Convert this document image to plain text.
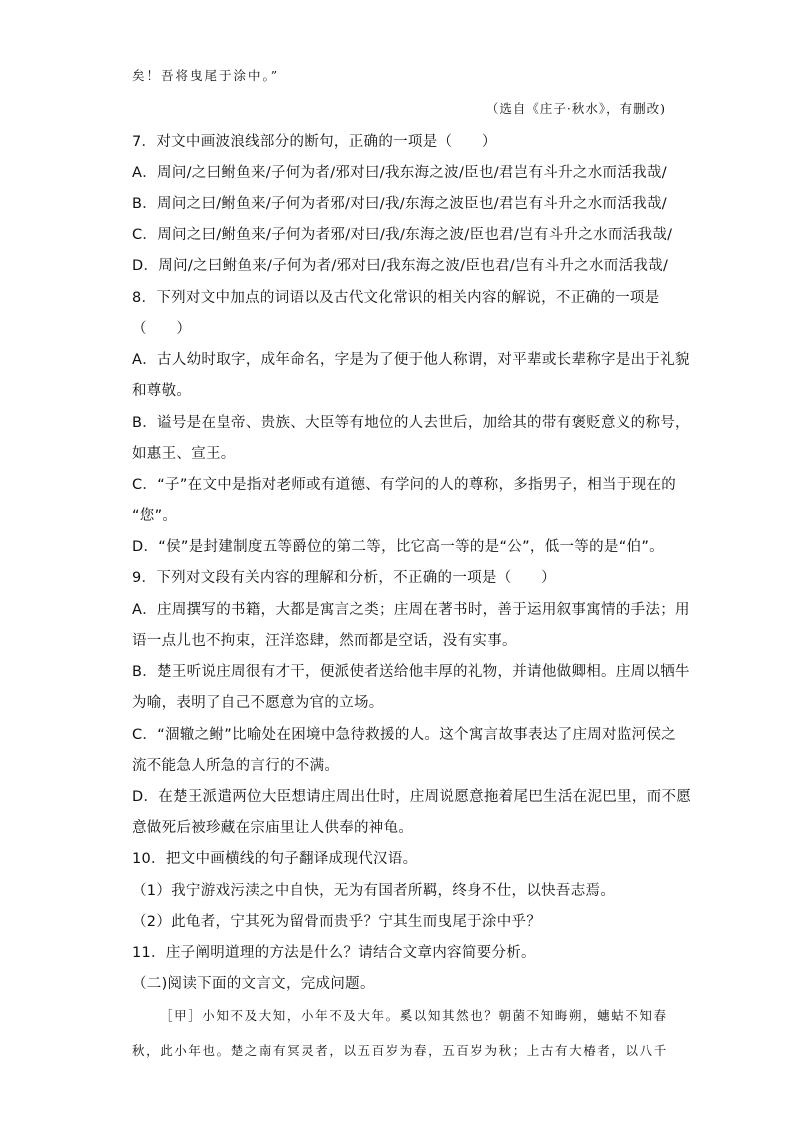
矣！吾将曳尾于涂中。”
（选自《庄子·秋水》，有删改)
7．对文中画波浪线部分的断句，正确的一项是（　　）
A．周问/之曰鲋鱼来/子何为者/邪对曰/我东海之波/臣也/君岂有斗升之水而活我哉/
B．周问之曰/鲋鱼来/子何为者邪/对曰/我/东海之波臣也/君岂有斗升之水而活我哉/
C．周问之曰/鲋鱼来/子何为者邪/对曰/我/东海之波/臣也君/岂有斗升之水而活我哉/
D．周问/之曰鲋鱼来/子何为者/邪对曰/我东海之波/臣也君/岂有斗升之水而活我哉/
8．下列对文中加点的词语以及古代文化常识的相关内容的解说，不正确的一项是
（　　）
A．古人幼时取字，成年命名，字是为了便于他人称谓，对平辈或长辈称字是出于礼貌
和尊敬。
B．谥号是在皇帝、贵族、大臣等有地位的人去世后，加给其的带有褒贬意义的称号，
如惠王、宣王。
C．“子”在文中是指对老师或有道德、有学问的人的尊称，多指男子，相当于现在的
“您”。
D．“侯”是封建制度五等爵位的第二等，比它高一等的是“公”，低一等的是“伯”。
9．下列对文段有关内容的理解和分析，不正确的一项是（　　）
A．庄周撰写的书籍，大都是寓言之类；庄周在著书时，善于运用叙事寓情的手法；用
语一点儿也不拘束，汪洋恣肆，然而都是空话，没有实事。
B．楚王听说庄周很有才干，便派使者送给他丰厚的礼物，并请他做卿相。庄周以牺牛
为喻，表明了自己不愿意为官的立场。
C．“涸辙之鲋”比喻处在困境中急待救援的人。这个寓言故事表达了庄周对监河侯之
流不能急人所急的言行的不满。
D．在楚王派遣两位大臣想请庄周出仕时，庄周说愿意拖着尾巴生活在泥巴里，而不愿
意做死后被珍藏在宗庙里让人供奉的神龟。
10．把文中画横线的句子翻译成现代汉语。
（1）我宁游戏污渎之中自快，无为有国者所羁，终身不仕，以快吾志焉。
（2）此龟者，宁其死为留骨而贵乎？宁其生而曳尾于涂中乎？
11．庄子阐明道理的方法是什么？请结合文章内容简要分析。
（二)阅读下面的文言文，完成问题。
［甲］小知不及大知，小年不及大年。奚以知其然也？朝菌不知晦朔，蟪蛄不知春
秋，此小年也。楚之南有冥灵者，以五百岁为春，五百岁为秋；上古有大椿者，以八千
